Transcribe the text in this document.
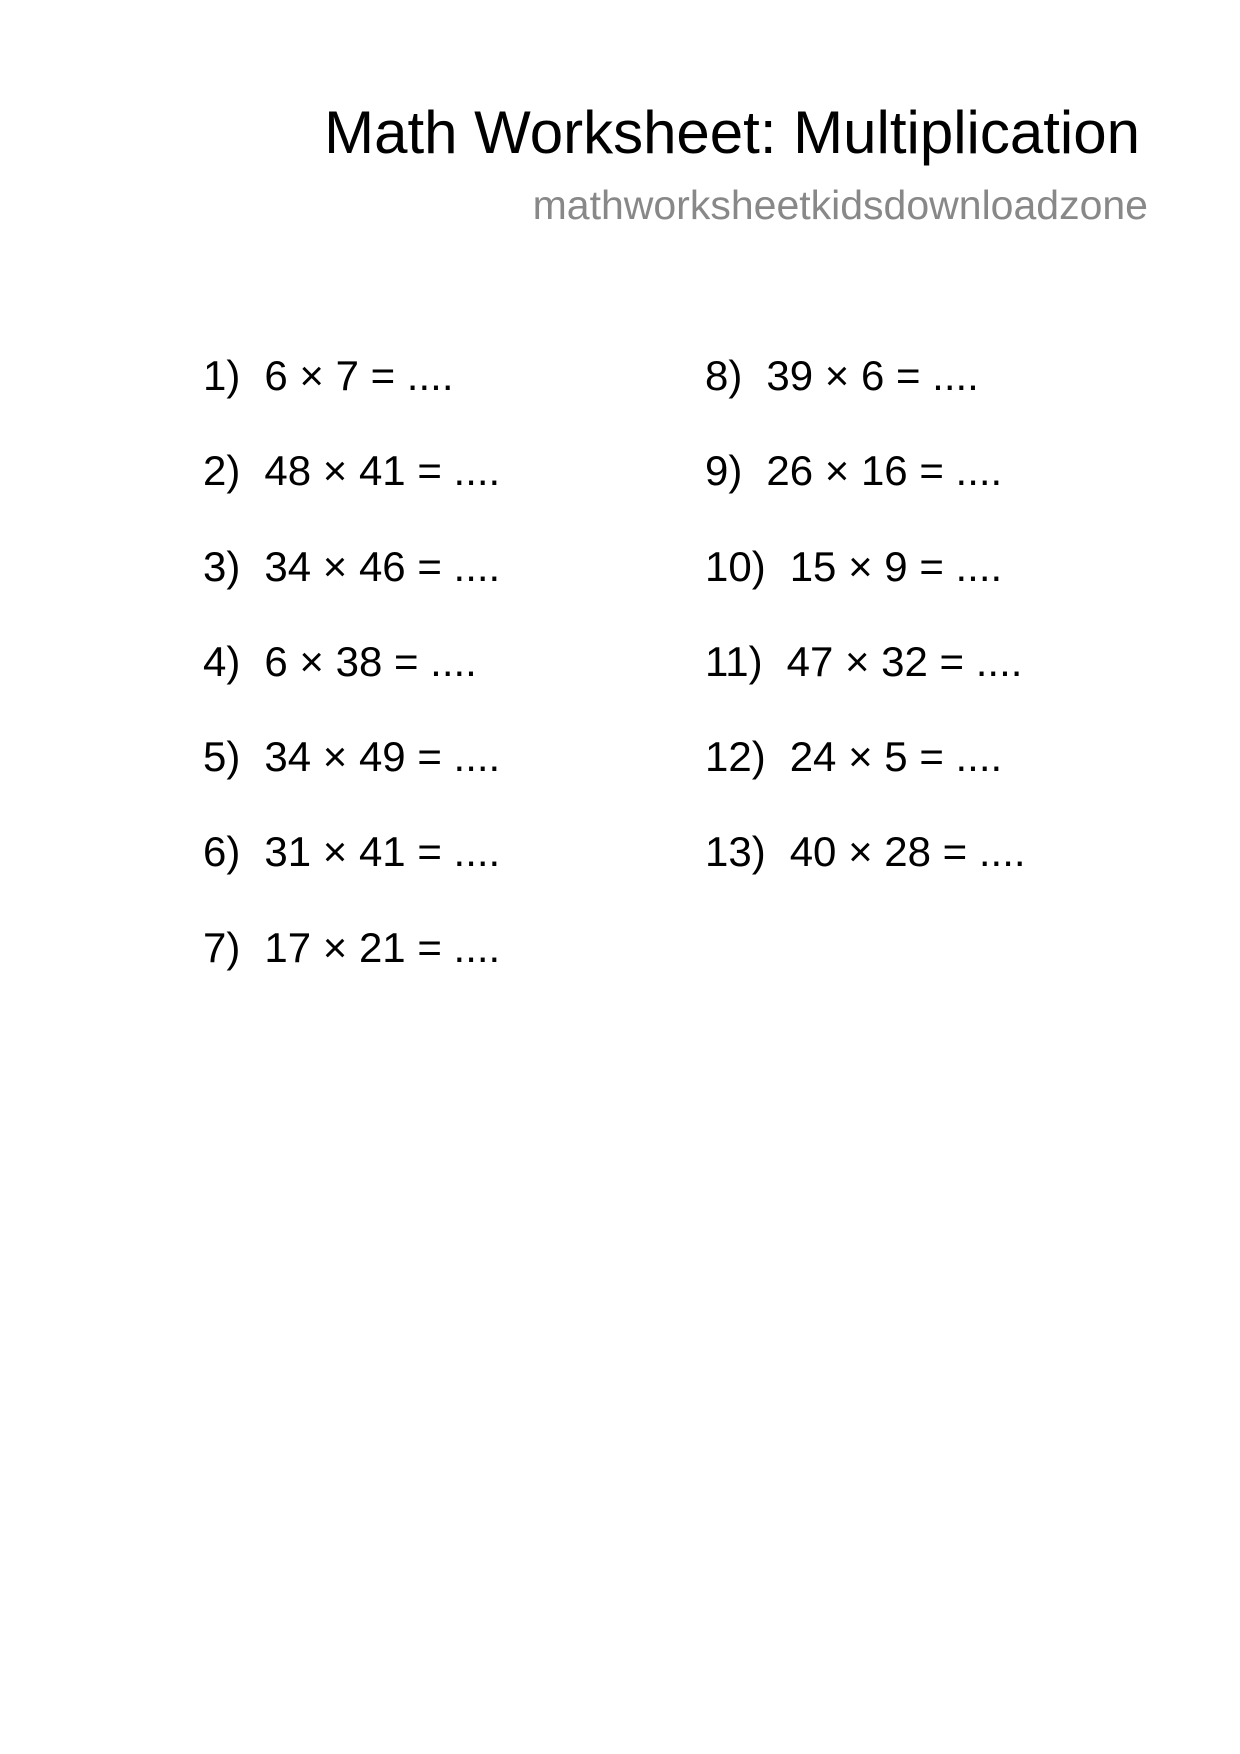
Math Worksheet: Multiplication
mathworksheetkidsdownloadzone
1) 6 × 7 = ....
2) 48 × 41 = ....
3) 34 × 46 = ....
4) 6 × 38 = ....
5) 34 × 49 = ....
6) 31 × 41 = ....
7) 17 × 21 = ....
8) 39 × 6 = ....
9) 26 × 16 = ....
10) 15 × 9 = ....
11) 47 × 32 = ....
12) 24 × 5 = ....
13) 40 × 28 = ....
